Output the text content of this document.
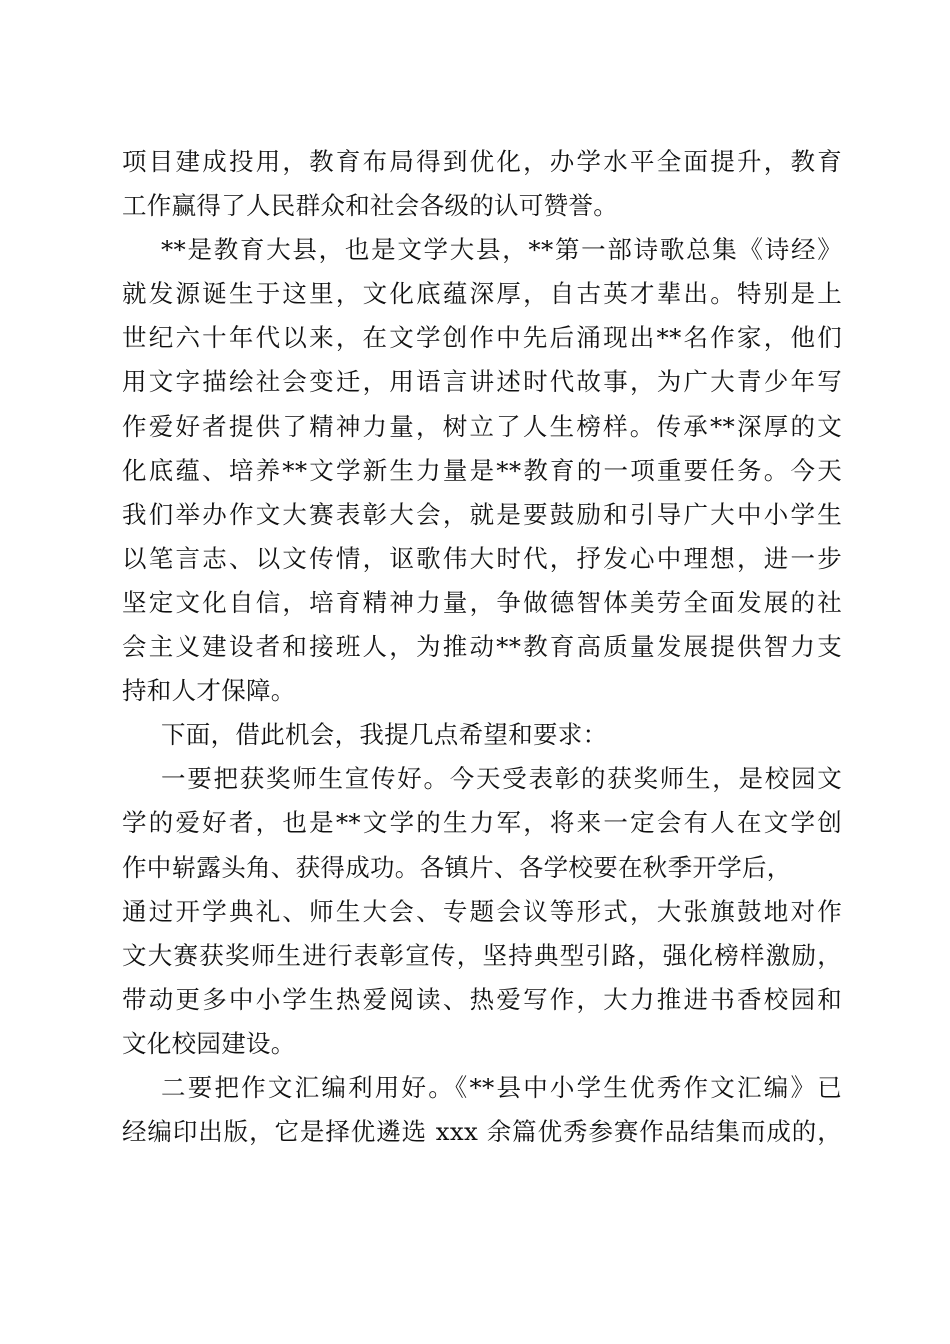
项目建成投用，教育布局得到优化，办学水平全面提升，教育
工作赢得了人民群众和社会各级的认可赞誉。
**是教育大县，也是文学大县，**第一部诗歌总集《诗经》
就发源诞生于这里，文化底蕴深厚，自古英才辈出。特别是上
世纪六十年代以来，在文学创作中先后涌现出**名作家，他们
用文字描绘社会变迁，用语言讲述时代故事，为广大青少年写
作爱好者提供了精神力量，树立了人生榜样。传承**深厚的文
化底蕴、培养**文学新生力量是**教育的一项重要任务。今天
我们举办作文大赛表彰大会，就是要鼓励和引导广大中小学生
以笔言志、以文传情，讴歌伟大时代，抒发心中理想，进一步
坚定文化自信，培育精神力量，争做德智体美劳全面发展的社
会主义建设者和接班人，为推动**教育高质量发展提供智力支
持和人才保障。
下面，借此机会，我提几点希望和要求：
一要把获奖师生宣传好。今天受表彰的获奖师生，是校园文
学的爱好者，也是**文学的生力军，将来一定会有人在文学创
作中崭露头角、获得成功。各镇片、各学校要在秋季开学后，
通过开学典礼、师生大会、专题会议等形式，大张旗鼓地对作
文大赛获奖师生进行表彰宣传，坚持典型引路，强化榜样激励，
带动更多中小学生热爱阅读、热爱写作，大力推进书香校园和
文化校园建设。
二要把作文汇编利用好。《**县中小学生优秀作文汇编》已
经编印出版，它是择优遴选 xxx 余篇优秀参赛作品结集而成的，
